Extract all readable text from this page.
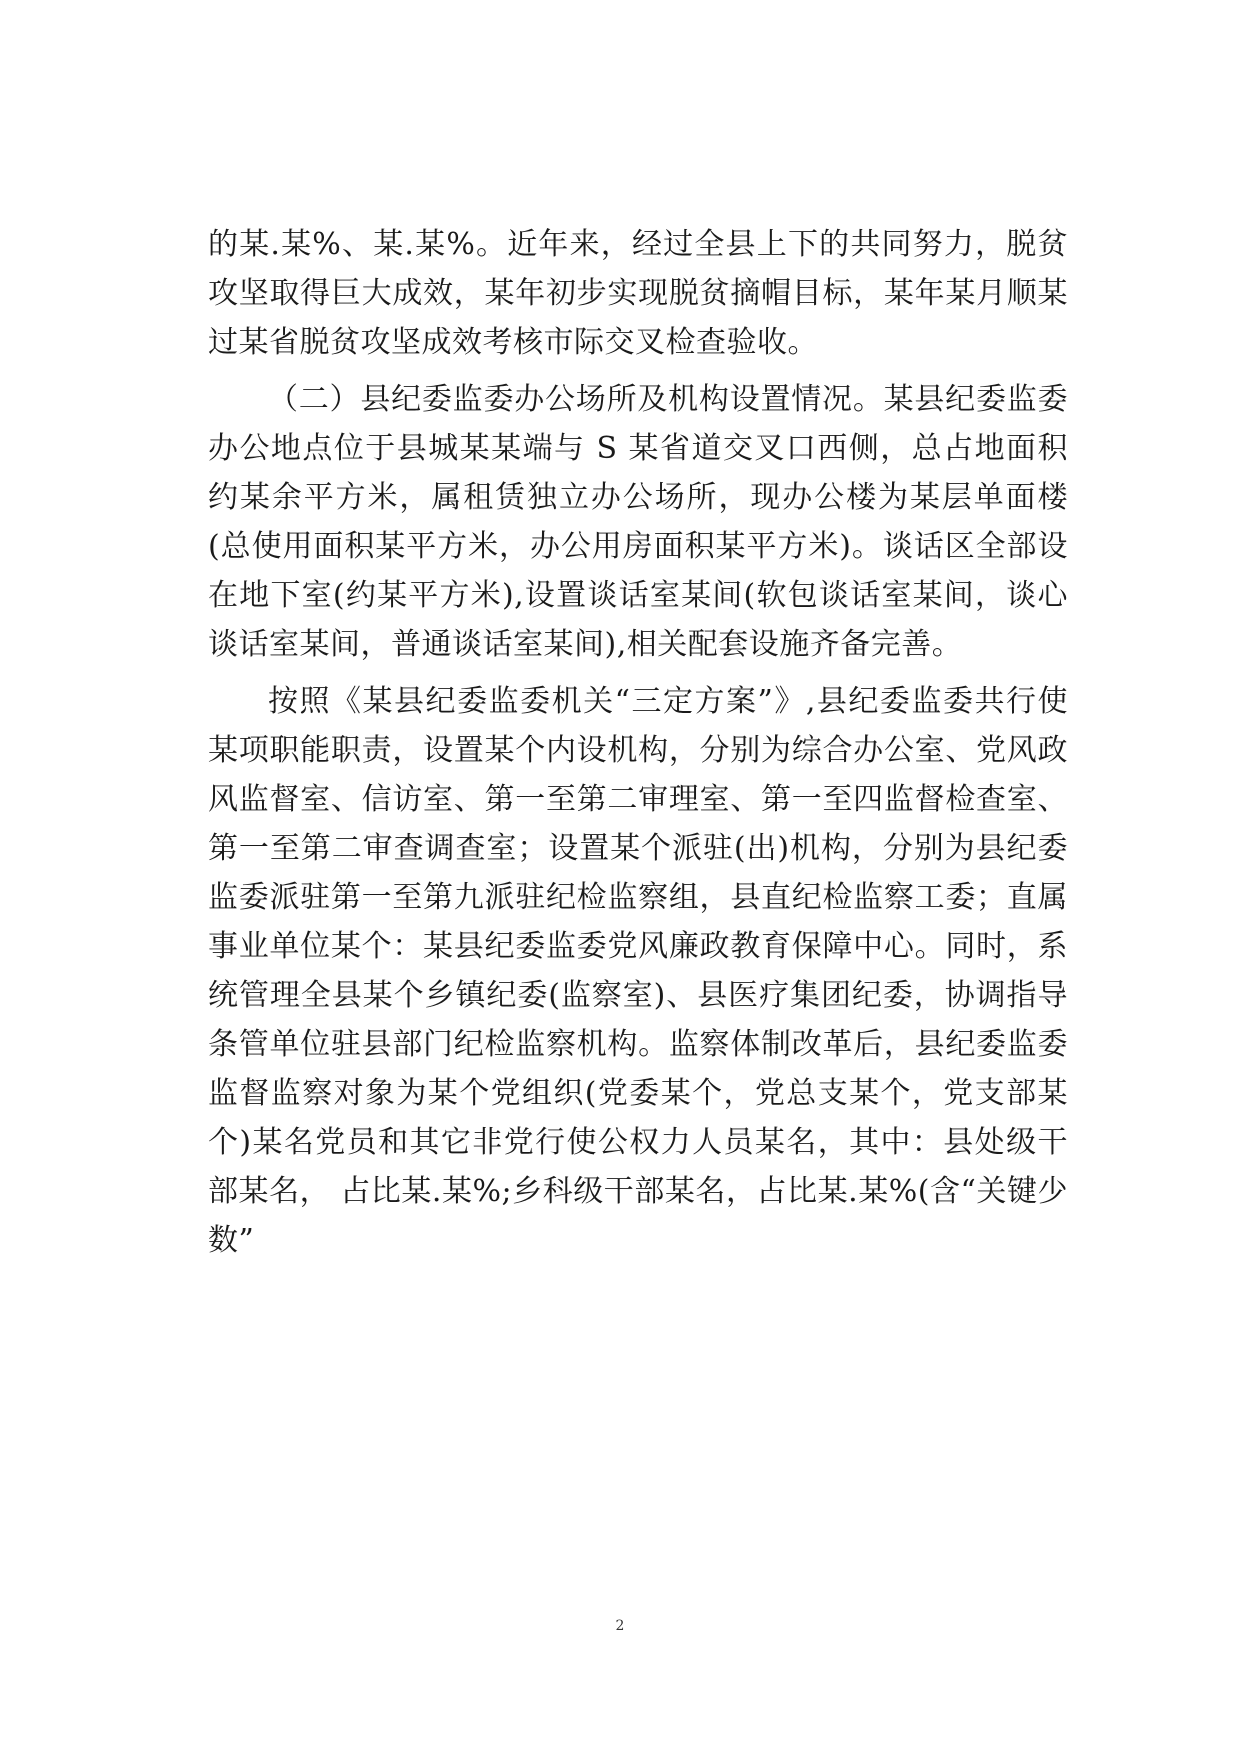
的某.某%、某.某%。近年来，经过全县上下的共同努力，脱贫攻坚取得巨大成效，某年初步实现脱贫摘帽目标，某年某月顺某过某省脱贫攻坚成效考核市际交叉检查验收。

（二）县纪委监委办公场所及机构设置情况。某县纪委监委办公地点位于县城某某端与 S 某省道交叉口西侧，总占地面积约某余平方米，属租赁独立办公场所，现办公楼为某层单面楼(总使用面积某平方米，办公用房面积某平方米)。谈话区全部设在地下室(约某平方米),设置谈话室某间(软包谈话室某间，谈心谈话室某间，普通谈话室某间),相关配套设施齐备完善。

按照《某县纪委监委机关“三定方案”》,县纪委监委共行使某项职能职责，设置某个内设机构，分别为综合办公室、党风政风监督室、信访室、第一至第二审理室、第一至四监督检查室、第一至第二审查调查室；设置某个派驻(出)机构，分别为县纪委监委派驻第一至第九派驻纪检监察组，县直纪检监察工委；直属事业单位某个：某县纪委监委党风廉政教育保障中心。同时，系统管理全县某个乡镇纪委(监察室)、县医疗集团纪委，协调指导条管单位驻县部门纪检监察机构。监察体制改革后，县纪委监委监督监察对象为某个党组织(党委某个，党总支某个，党支部某个)某名党员和其它非党行使公权力人员某名，其中：县处级干部某名， 占比某.某%;乡科级干部某名，占比某.某%(含“关键少数”

2
